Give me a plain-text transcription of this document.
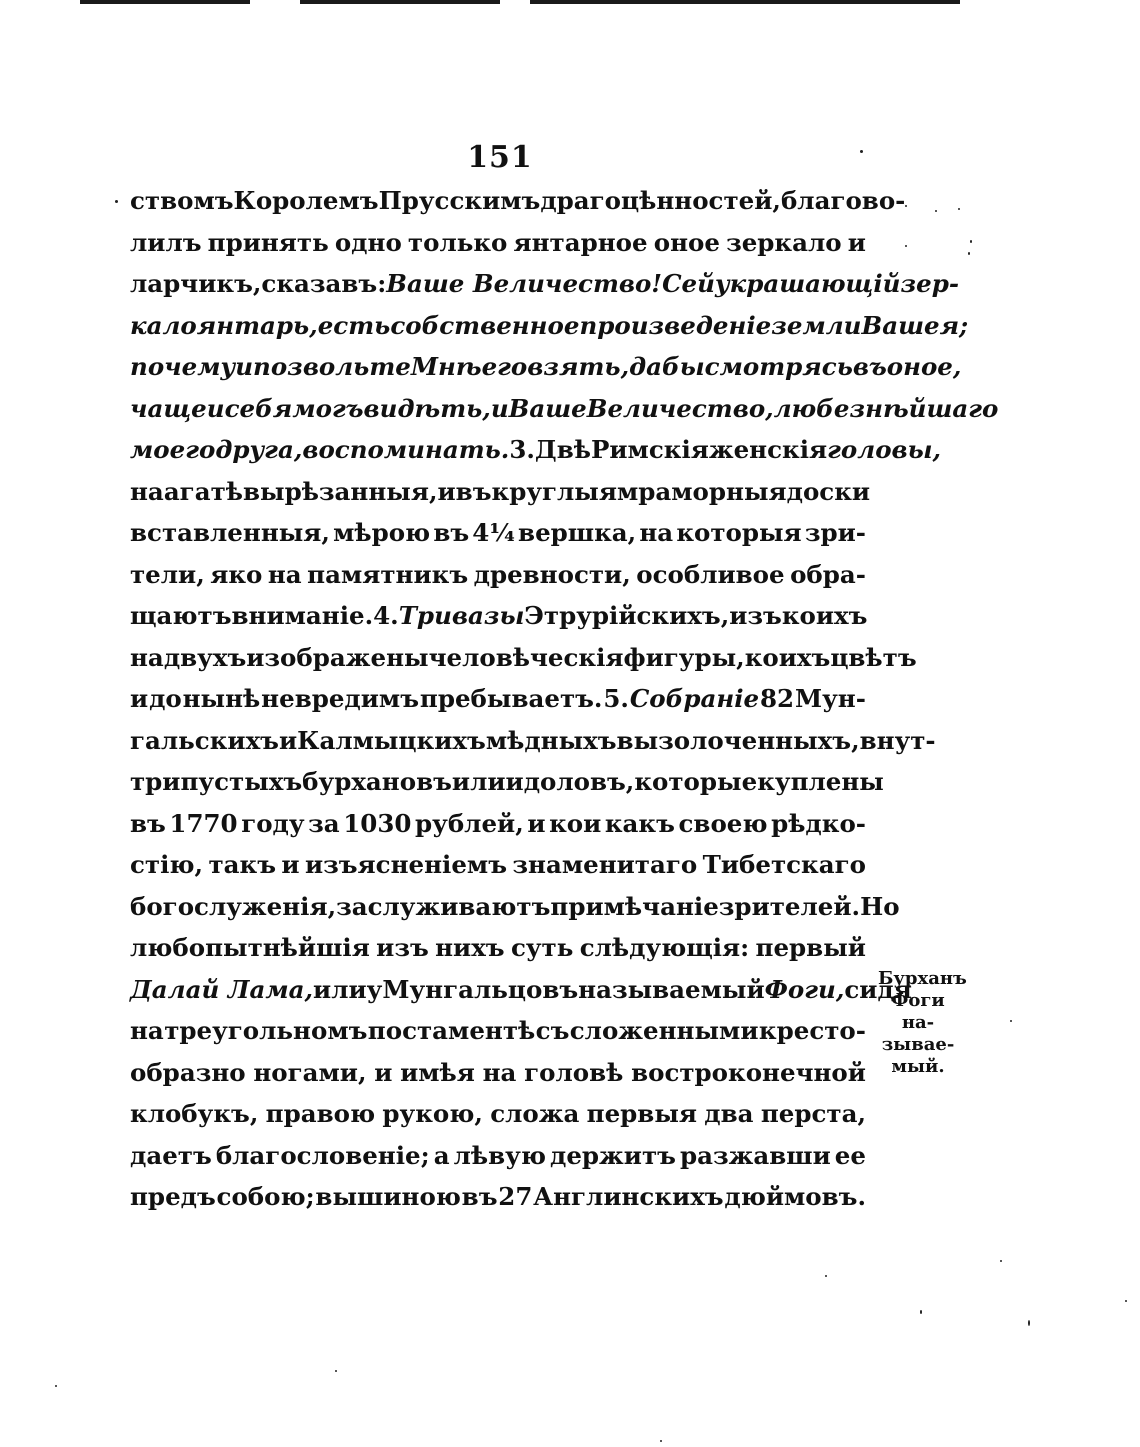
151
ствомъ Королемъ Прусскимъ драгоцѣнностей, благово-
лилъ принять одно только янтарное оное зеркало и
ларчикъ, сказавъ: Ваше Величество! Сей украшающій зер-
кало янтарь, есть собственное произведеніе земли Вашея;
почему и позвольте Мнѣ его взять, дабы смотрясь въ оное,
чаще и себя могъ видѣть, и Ваше Величество, любезнѣйшаго
моего друга, воспоминать. 3. Двѣ Римскія женскія головы,
на агатѣ вырѣзанныя, и въ круглыя мраморныя доски
вставленныя, мѣрою въ 4¼ вершка, на которыя зри-
тели, яко на памятникъ древности, особливое обра-
щаютъ вниманіе. 4. Три вазы Этрурійскихъ, изъ коихъ
на двухъ изображены человѣческія фигуры, коихъ цвѣтъ
и до нынѣ невредимъ пребываетъ. 5. Собраніе 82 Мун-
гальскихъ и Калмыцкихъ мѣдныхъ вызолоченныхъ, внут-
три пустыхъ бурхановъ или идоловъ, которые куплены
въ 1770 году за 1030 рублей, и кои какъ своею рѣдко-
стію, такъ и изъясненіемъ знаменитаго Тибетскаго
богослуженія, заслуживаютъ примѣчаніе зрителей. Но
любопытнѣйшія изъ нихъ суть слѣдующія: первый
Далай Лама, или у Мунгальцовъ называемый Фоги, сидя
на треугольномъ постаментѣ съ сложенными кресто-
образно ногами, и имѣя на головѣ востроконечной
клобукъ, правою рукою, сложа первыя два перста,
даетъ благословеніе; а лѣвую держитъ разжавши ее
предъ собою; вышиною въ 27 Англинскихъ дюймовъ.
Бурханъ
Фоги на-
зывае-
мый.
